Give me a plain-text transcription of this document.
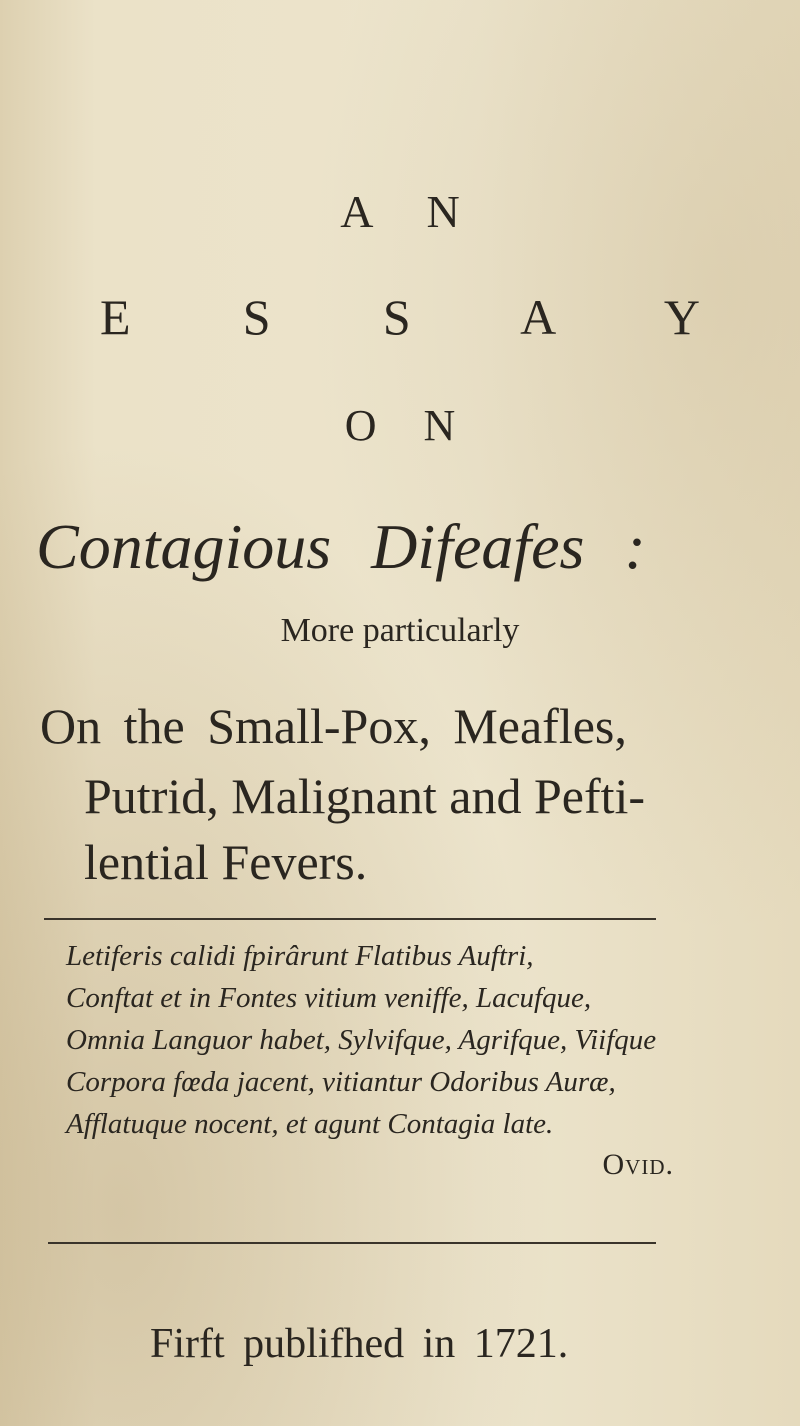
A N
E S S A Y
O N
Contagious Difeafes :
More particularly
On the Small-Pox, Meafles,
Putrid, Malignant and Pefti-
lential Fevers.
Letiferis calidi fpirârunt Flatibus Auftri,
Conftat et in Fontes vitium veniffe, Lacufque,
Omnia Languor habet, Sylvifque, Agrifque, Viifque
Corpora fœda jacent, vitiantur Odoribus Auræ,
Afflatuque nocent, et agunt Contagia late.
Ovid.
Firft publifhed in 1721.
